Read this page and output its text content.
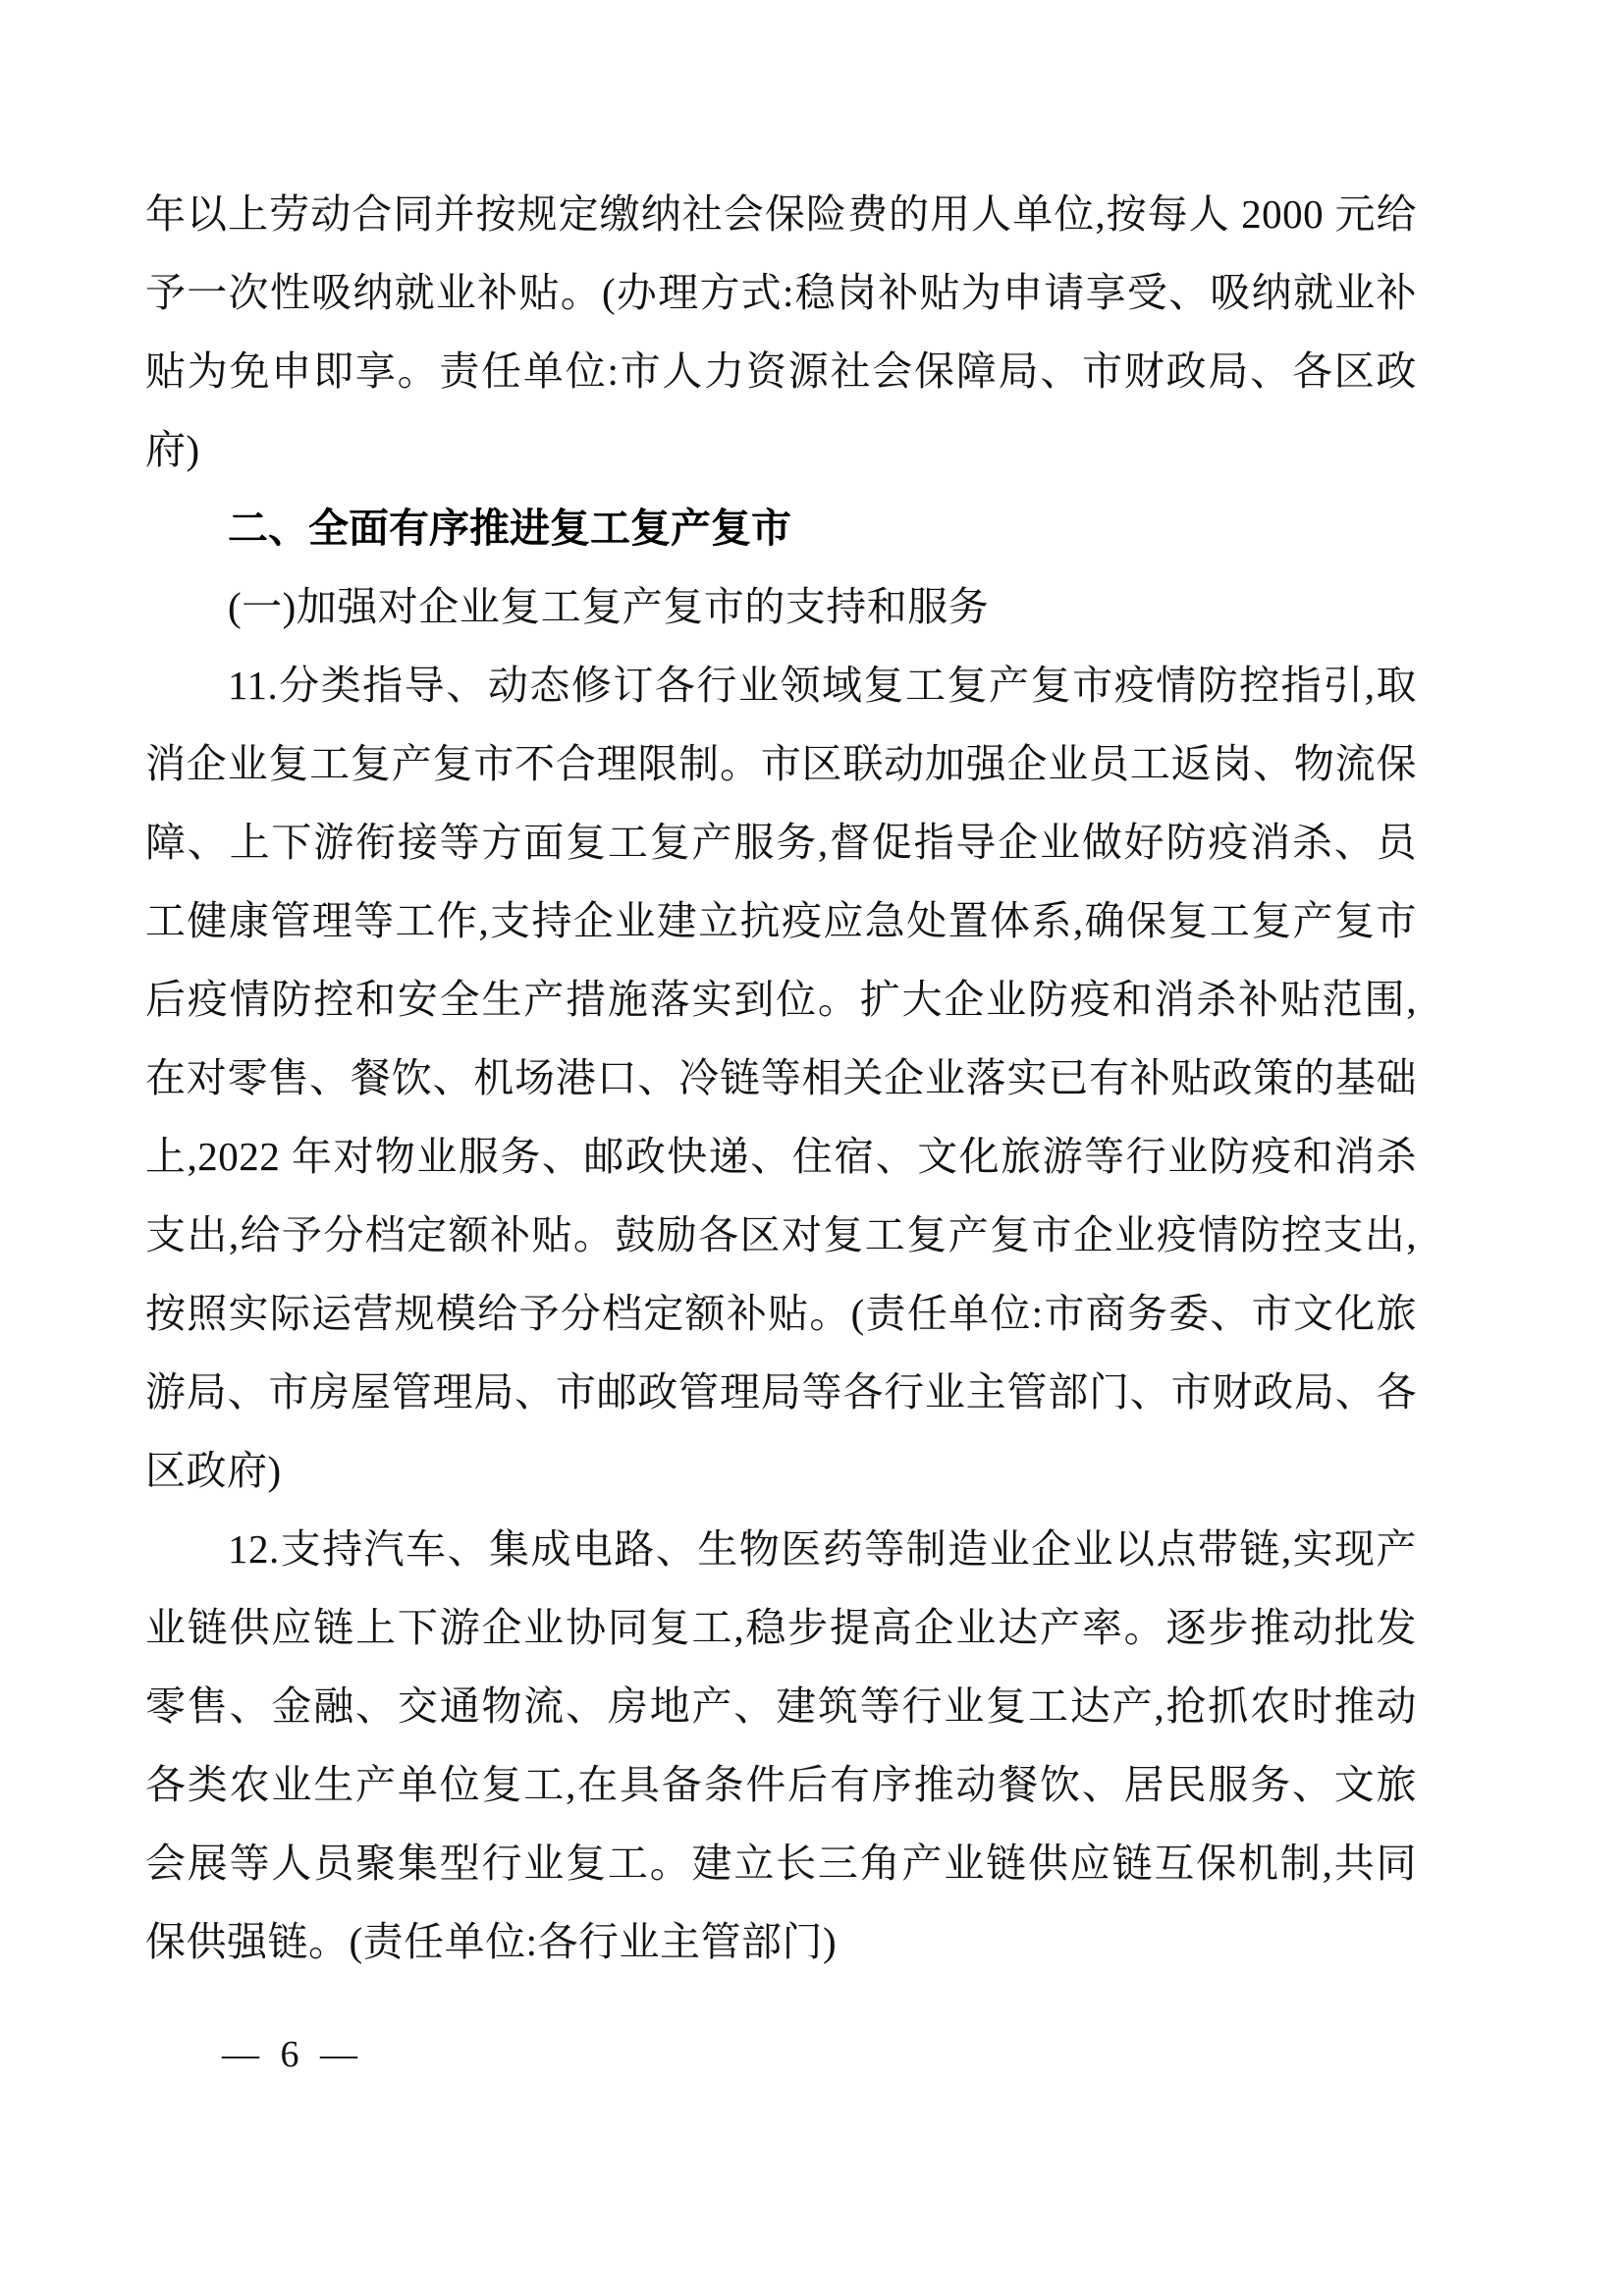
年以上劳动合同并按规定缴纳社会保险费的用人单位,按每人 2000 元给予一次性吸纳就业补贴。(办理方式:稳岗补贴为申请享受、吸纳就业补贴为免申即享。责任单位:市人力资源社会保障局、市财政局、各区政府)

二、全面有序推进复工复产复市

(一)加强对企业复工复产复市的支持和服务

11.分类指导、动态修订各行业领域复工复产复市疫情防控指引,取消企业复工复产复市不合理限制。市区联动加强企业员工返岗、物流保障、上下游衔接等方面复工复产服务,督促指导企业做好防疫消杀、员工健康管理等工作,支持企业建立抗疫应急处置体系,确保复工复产复市后疫情防控和安全生产措施落实到位。扩大企业防疫和消杀补贴范围,在对零售、餐饮、机场港口、冷链等相关企业落实已有补贴政策的基础上,2022 年对物业服务、邮政快递、住宿、文化旅游等行业防疫和消杀支出,给予分档定额补贴。鼓励各区对复工复产复市企业疫情防控支出,按照实际运营规模给予分档定额补贴。(责任单位:市商务委、市文化旅游局、市房屋管理局、市邮政管理局等各行业主管部门、市财政局、各区政府)

12.支持汽车、集成电路、生物医药等制造业企业以点带链,实现产业链供应链上下游企业协同复工,稳步提高企业达产率。逐步推动批发零售、金融、交通物流、房地产、建筑等行业复工达产,抢抓农时推动各类农业生产单位复工,在具备条件后有序推动餐饮、居民服务、文旅会展等人员聚集型行业复工。建立长三角产业链供应链互保机制,共同保供强链。(责任单位:各行业主管部门)

— 6 —
